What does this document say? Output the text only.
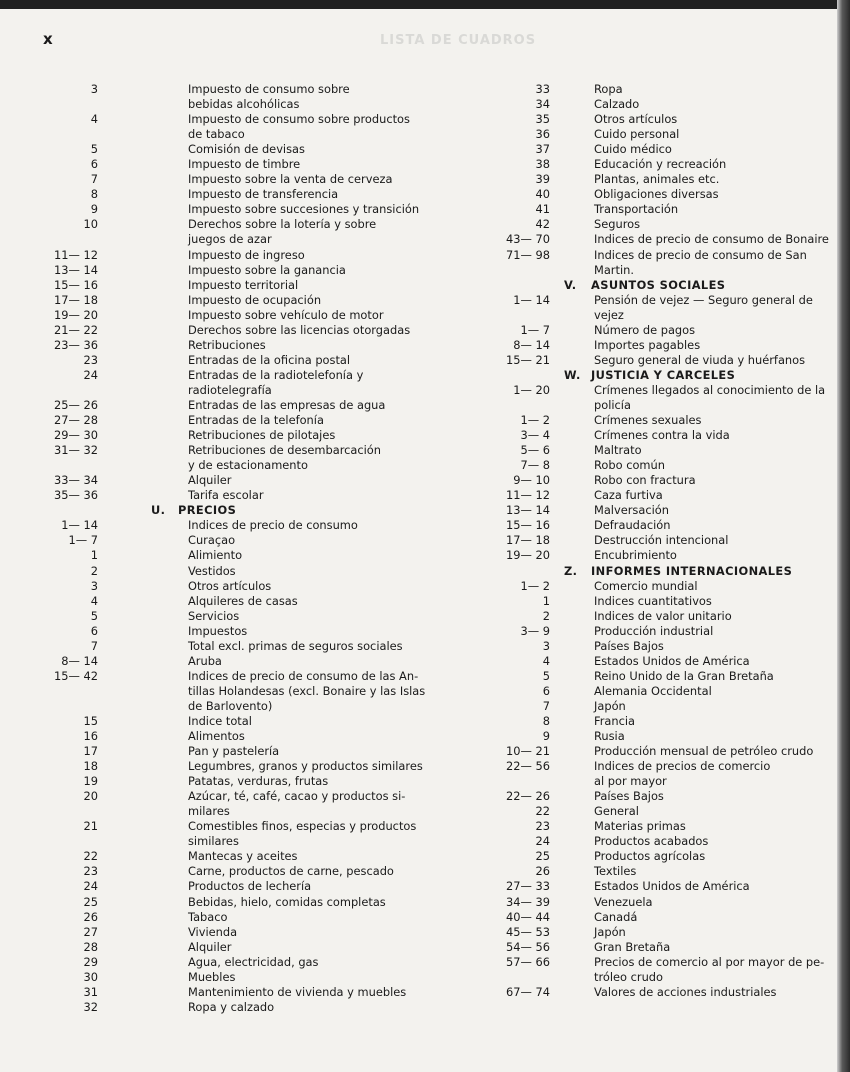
x	LISTA DE CUADROS
3	Impuesto de consumo sobre
bebidas alcohólicas
4	Impuesto de consumo sobre productos
de tabaco
5	Comisión de devisas
6	Impuesto de timbre
7	Impuesto sobre la venta de cerveza
8	Impuesto de transferencia
9	Impuesto sobre succesiones y transición
10	Derechos sobre la lotería y sobre
juegos de azar
11— 12	Impuesto de ingreso
13— 14	Impuesto sobre la ganancia
15— 16	Impuesto territorial
17— 18	Impuesto de ocupación
19— 20	Impuesto sobre vehículo de motor
21— 22	Derechos sobre las licencias otorgadas
23— 36	Retribuciones
23	Entradas de la oficina postal
24	Entradas de la radiotelefonía y
radiotelegrafía
25— 26	Entradas de las empresas de agua
27— 28	Entradas de la telefonía
29— 30	Retribuciones de pilotajes
31— 32	Retribuciones de desembarcación
y de estacionamento
33— 34	Alquiler
35— 36	Tarifa escolar
U. PRECIOS
1— 14	Indices de precio de consumo
1— 7	Curaçao
1	Alimiento
2	Vestidos
3	Otros artículos
4	Alquileres de casas
5	Servicios
6	Impuestos
7	Total excl. primas de seguros sociales
8— 14	Aruba
15— 42	Indices de precio de consumo de las An-
tillas Holandesas (excl. Bonaire y las Islas
de Barlovento)
15	Indice total
16	Alimentos
17	Pan y pastelería
18	Legumbres, granos y productos similares
19	Patatas, verduras, frutas
20	Azúcar, té, café, cacao y productos si-
milares
21	Comestibles finos, especias y productos
similares
22	Mantecas y aceites
23	Carne, productos de carne, pescado
24	Productos de lechería
25	Bebidas, hielo, comidas completas
26	Tabaco
27	Vivienda
28	Alquiler
29	Agua, electricidad, gas
30	Muebles
31	Mantenimiento de vivienda y muebles
32	Ropa y calzado
33	Ropa
34	Calzado
35	Otros artículos
36	Cuido personal
37	Cuido médico
38	Educación y recreación
39	Plantas, animales etc.
40	Obligaciones diversas
41	Transportación
42	Seguros
43— 70	Indices de precio de consumo de Bonaire
71— 98	Indices de precio de consumo de San
Martin.
V. ASUNTOS SOCIALES
1— 14	Pensión de vejez — Seguro general de
vejez
1— 7	Número de pagos
8— 14	Importes pagables
15— 21	Seguro general de viuda y huérfanos
W. JUSTICIA Y CARCELES
1— 20	Crímenes llegados al conocimiento de la
policía
1— 2	Crímenes sexuales
3— 4	Crímenes contra la vida
5— 6	Maltrato
7— 8	Robo común
9— 10	Robo con fractura
11— 12	Caza furtiva
13— 14	Malversación
15— 16	Defraudación
17— 18	Destrucción intencional
19— 20	Encubrimiento
Z. INFORMES INTERNACIONALES
1— 2	Comercio mundial
1	Indices cuantitativos
2	Indices de valor unitario
3— 9	Producción industrial
3	Países Bajos
4	Estados Unidos de América
5	Reino Unido de la Gran Bretaña
6	Alemania Occidental
7	Japón
8	Francia
9	Rusia
10— 21	Producción mensual de petróleo crudo
22— 56	Indices de precios de comercio
al por mayor
22— 26	Países Bajos
22	General
23	Materias primas
24	Productos acabados
25	Productos agrícolas
26	Textiles
27— 33	Estados Unidos de América
34— 39	Venezuela
40— 44	Canadá
45— 53	Japón
54— 56	Gran Bretaña
57— 66	Precios de comercio al por mayor de pe-
tróleo crudo
67— 74	Valores de acciones industriales
